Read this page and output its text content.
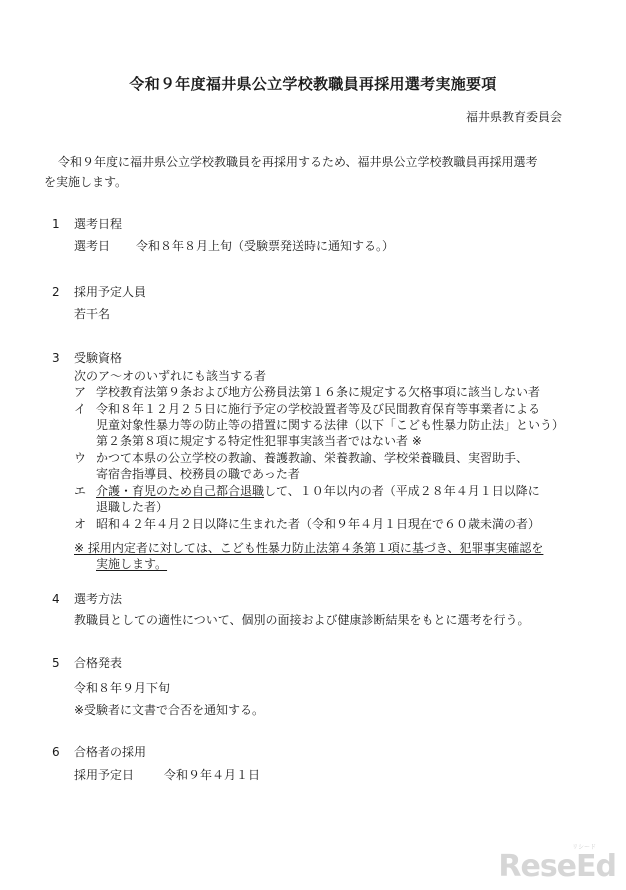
令和９年度福井県公立学校教職員再採用選考実施要項
福井県教育委員会
令和９年度に福井県公立学校教職員を再採用するため、福井県公立学校教職員再採用選考
を実施します。
1 選考日程
選考日 令和８年８月上旬（受験票発送時に通知する。）
2 採用予定人員
若干名
3 受験資格
次のア～オのいずれにも該当する者
ア 学校教育法第９条および地方公務員法第１６条に規定する欠格事項に該当しない者
イ 令和８年１２月２５日に施行予定の学校設置者等及び民間教育保育等事業者による
児童対象性暴力等の防止等の措置に関する法律（以下「こども性暴力防止法」という）
第２条第８項に規定する特定性犯罪事実該当者ではない者 ※
ウ かつて本県の公立学校の教諭、養護教諭、栄養教諭、学校栄養職員、実習助手、
寄宿舎指導員、校務員の職であった者
エ 介護・育児のため自己都合退職して、１０年以内の者（平成２８年４月１日以降に
退職した者）
オ 昭和４２年４月２日以降に生まれた者（令和９年４月１日現在で６０歳未満の者）
※ 採用内定者に対しては、こども性暴力防止法第４条第１項に基づき、犯罪事実確認を
実施します。
4 選考方法
教職員としての適性について、個別の面接および健康診断結果をもとに選考を行う。
5 合格発表
令和８年９月下旬
※受験者に文書で合否を通知する。
6 合格者の採用
採用予定日 令和９年４月１日
リシード
ReseEd
